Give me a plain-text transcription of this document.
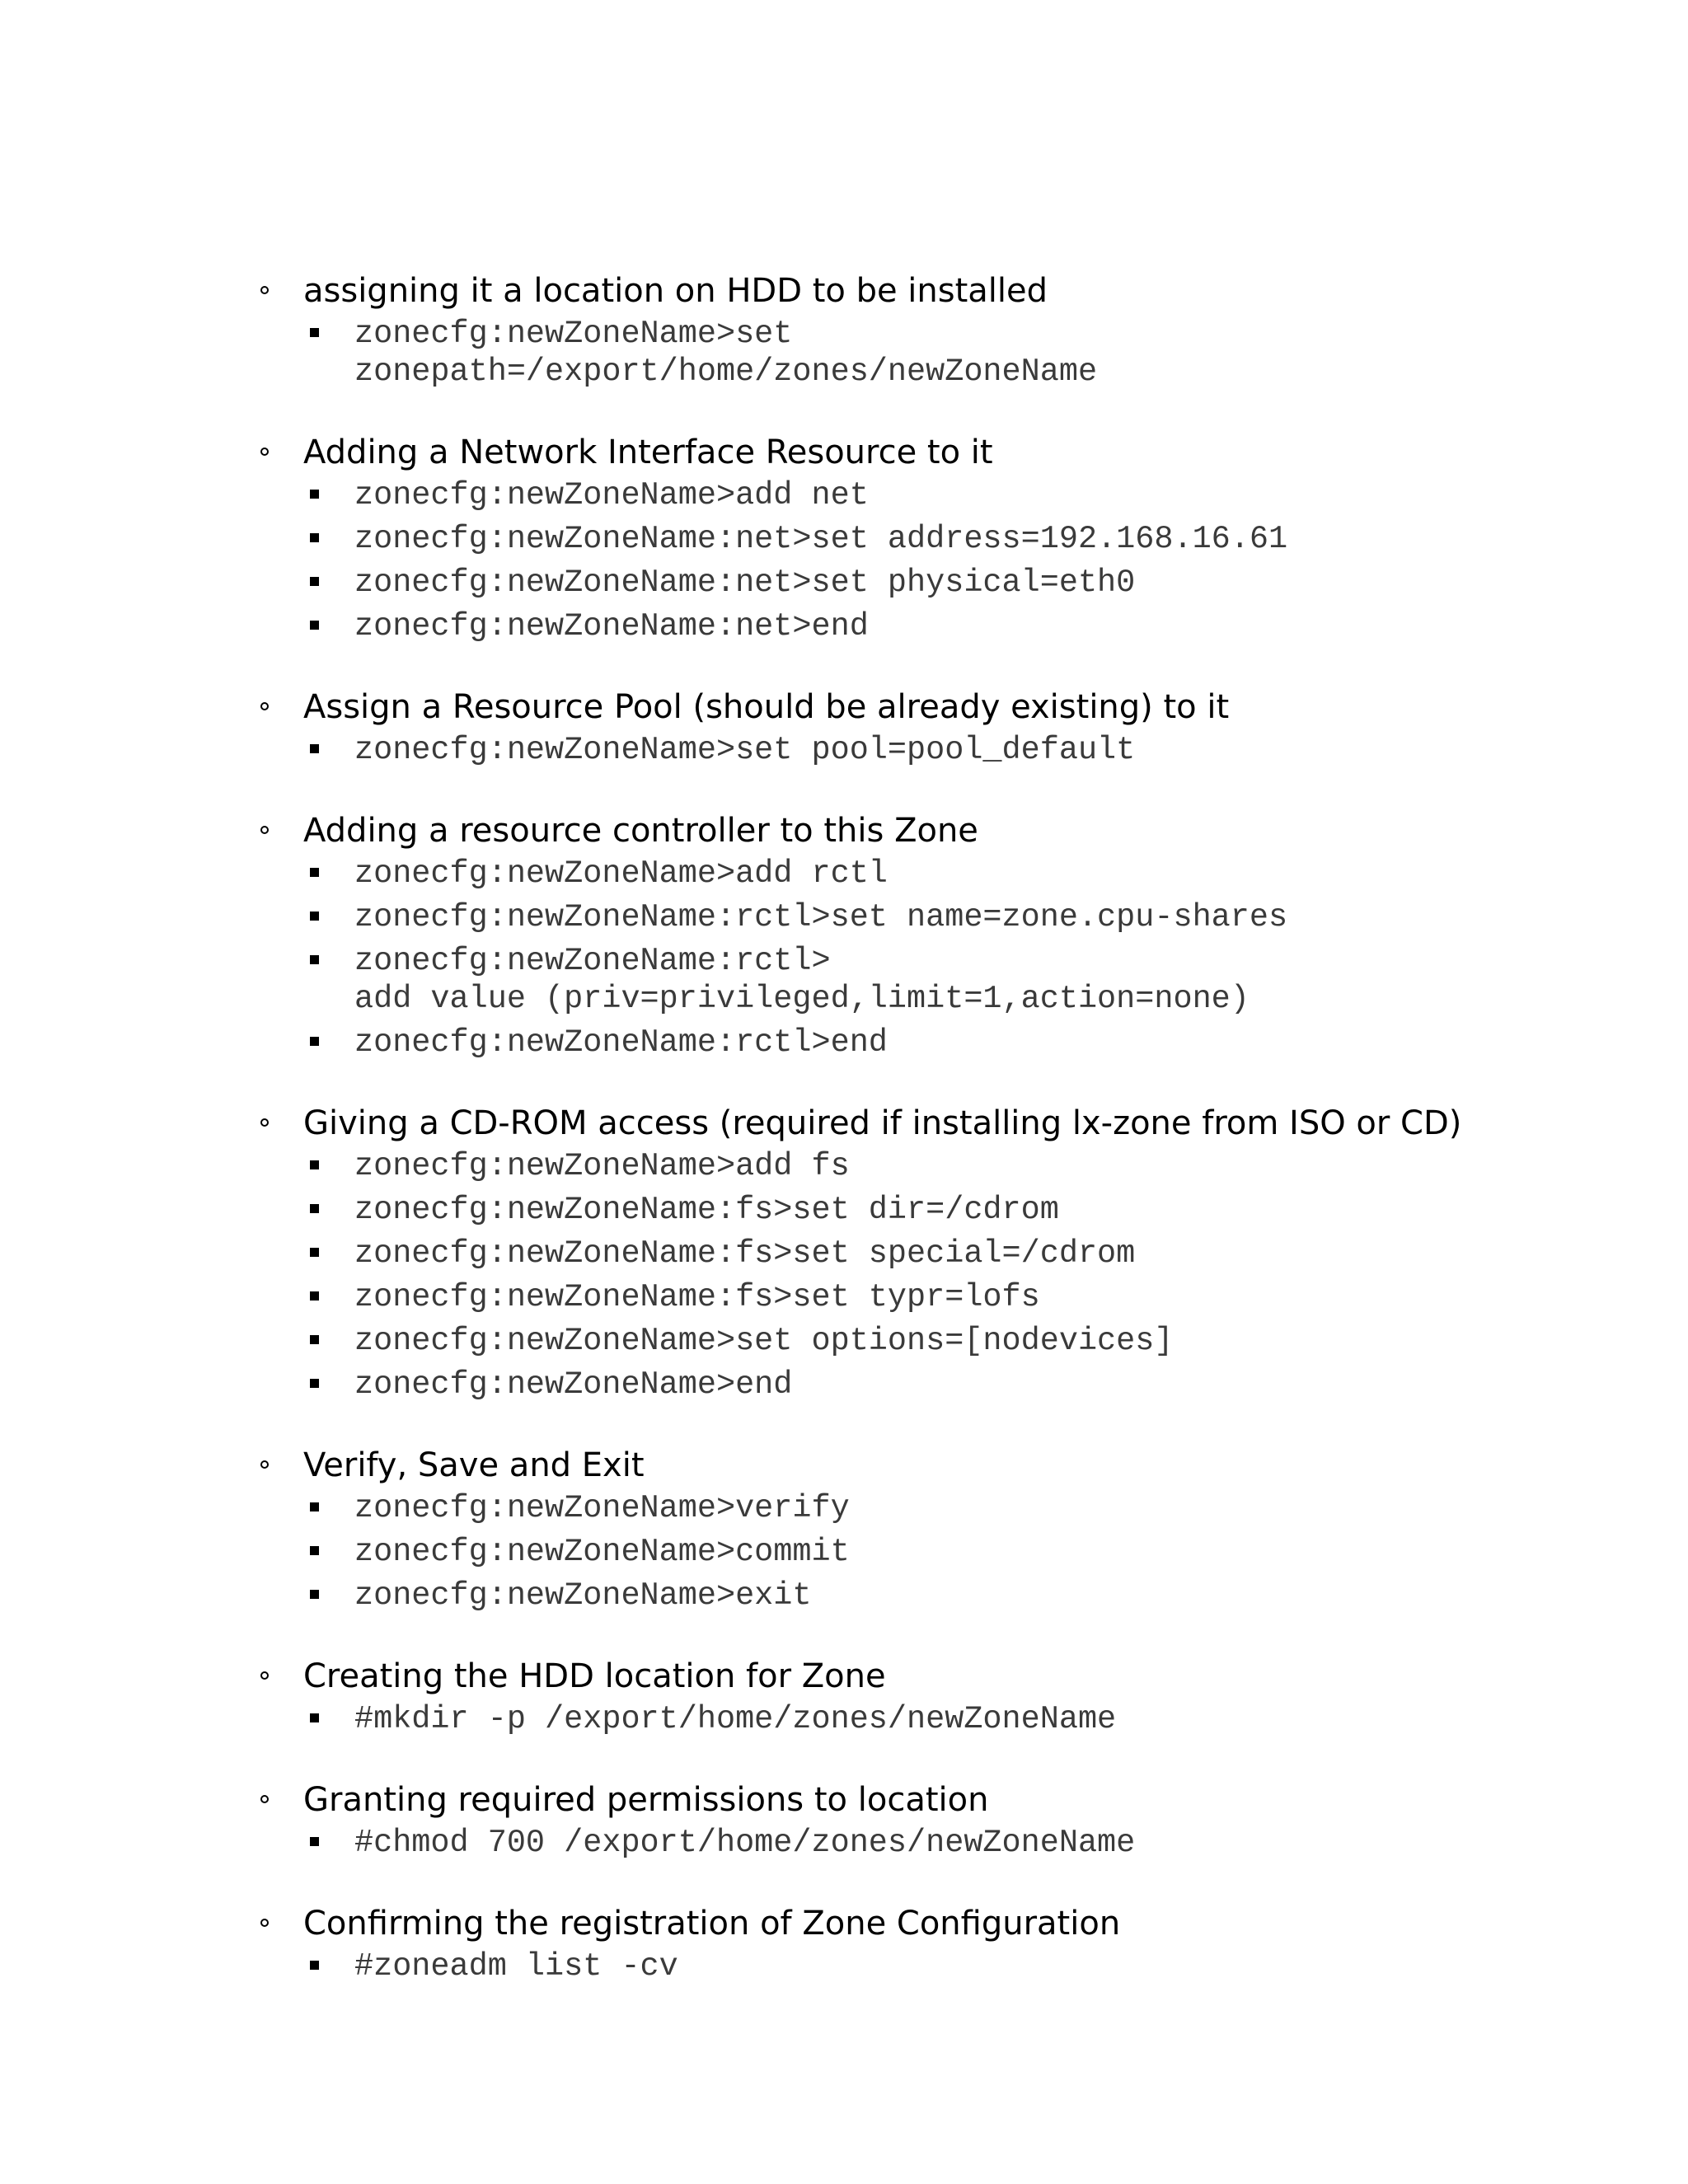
assigning it a location on HDD to be installed
zonecfg:newZoneName>set
zonepath=/export/home/zones/newZoneName
Adding a Network Interface Resource to it
zonecfg:newZoneName>add net
zonecfg:newZoneName:net>set address=192.168.16.61
zonecfg:newZoneName:net>set physical=eth0
zonecfg:newZoneName:net>end
Assign a Resource Pool (should be already existing) to it
zonecfg:newZoneName>set pool=pool_default
Adding a resource controller to this Zone
zonecfg:newZoneName>add rctl
zonecfg:newZoneName:rctl>set name=zone.cpu-shares
zonecfg:newZoneName:rctl>
add value (priv=privileged,limit=1,action=none)
zonecfg:newZoneName:rctl>end
Giving a CD-ROM access (required if installing lx-zone from ISO or CD)
zonecfg:newZoneName>add fs
zonecfg:newZoneName:fs>set dir=/cdrom
zonecfg:newZoneName:fs>set special=/cdrom
zonecfg:newZoneName:fs>set typr=lofs
zonecfg:newZoneName>set options=[nodevices]
zonecfg:newZoneName>end
Verify, Save and Exit
zonecfg:newZoneName>verify
zonecfg:newZoneName>commit
zonecfg:newZoneName>exit
Creating the HDD location for Zone
#mkdir -p /export/home/zones/newZoneName
Granting required permissions to location
#chmod 700 /export/home/zones/newZoneName
Confirming the registration of Zone Configuration
#zoneadm list -cv
